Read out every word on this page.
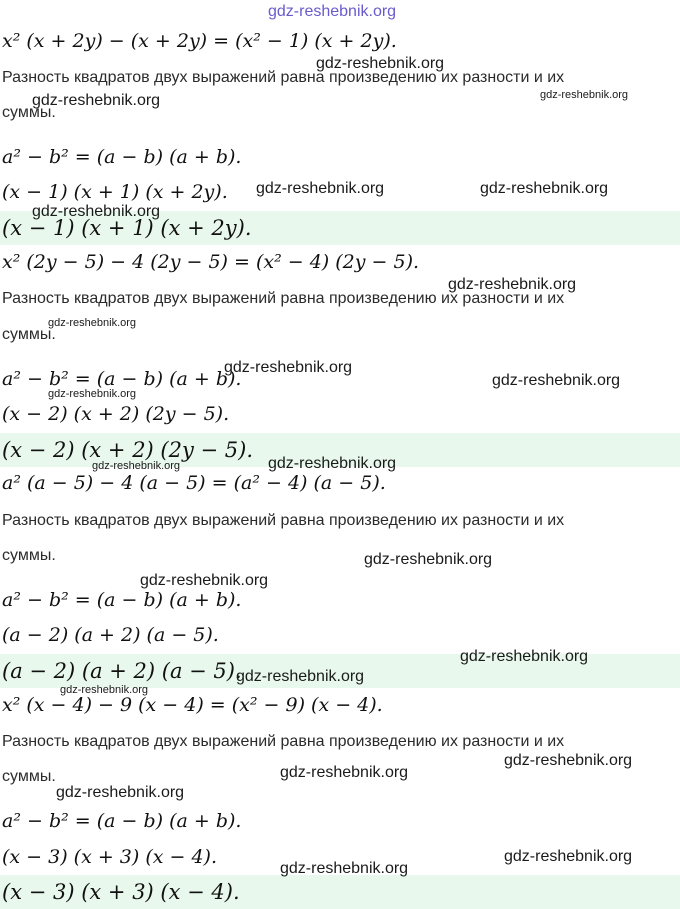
x² (x + 2y) − (x + 2y) = (x² − 1) (x + 2y).
Разность квадратов двух выражений равна произведению их разности и их
суммы.
a² − b² = (a − b) (a + b).
(x − 1) (x + 1) (x + 2y).
(x − 1) (x + 1) (x + 2y).
x² (2y − 5) − 4 (2y − 5) = (x² − 4) (2y − 5).
Разность квадратов двух выражений равна произведению их разности и их
суммы.
a² − b² = (a − b) (a + b).
(x − 2) (x + 2) (2y − 5).
(x − 2) (x + 2) (2y − 5).
a² (a − 5) − 4 (a − 5) = (a² − 4) (a − 5).
Разность квадратов двух выражений равна произведению их разности и их
суммы.
a² − b² = (a − b) (a + b).
(a − 2) (a + 2) (a − 5).
(a − 2) (a + 2) (a − 5).
x² (x − 4) − 9 (x − 4) = (x² − 9) (x − 4).
Разность квадратов двух выражений равна произведению их разности и их
суммы.
a² − b² = (a − b) (a + b).
(x − 3) (x + 3) (x − 4).
(x − 3) (x + 3) (x − 4).
gdz-reshebnik.org
gdz-reshebnik.org
gdz-reshebnik.org	gdz-reshebnik.org
gdz-reshebnik.org	gdz-reshebnik.org
gdz-reshebnik.org
gdz-reshebnik.org
gdz-reshebnik.org
gdz-reshebnik.org
gdz-reshebnik.org
gdz-reshebnik.org
gdz-reshebnik.org	gdz-reshebnik.org
gdz-reshebnik.org
gdz-reshebnik.org
gdz-reshebnik.org
gdz-reshebnik.org
gdz-reshebnik.org
gdz-reshebnik.org
gdz-reshebnik.org
gdz-reshebnik.org
gdz-reshebnik.org
gdz-reshebnik.org
